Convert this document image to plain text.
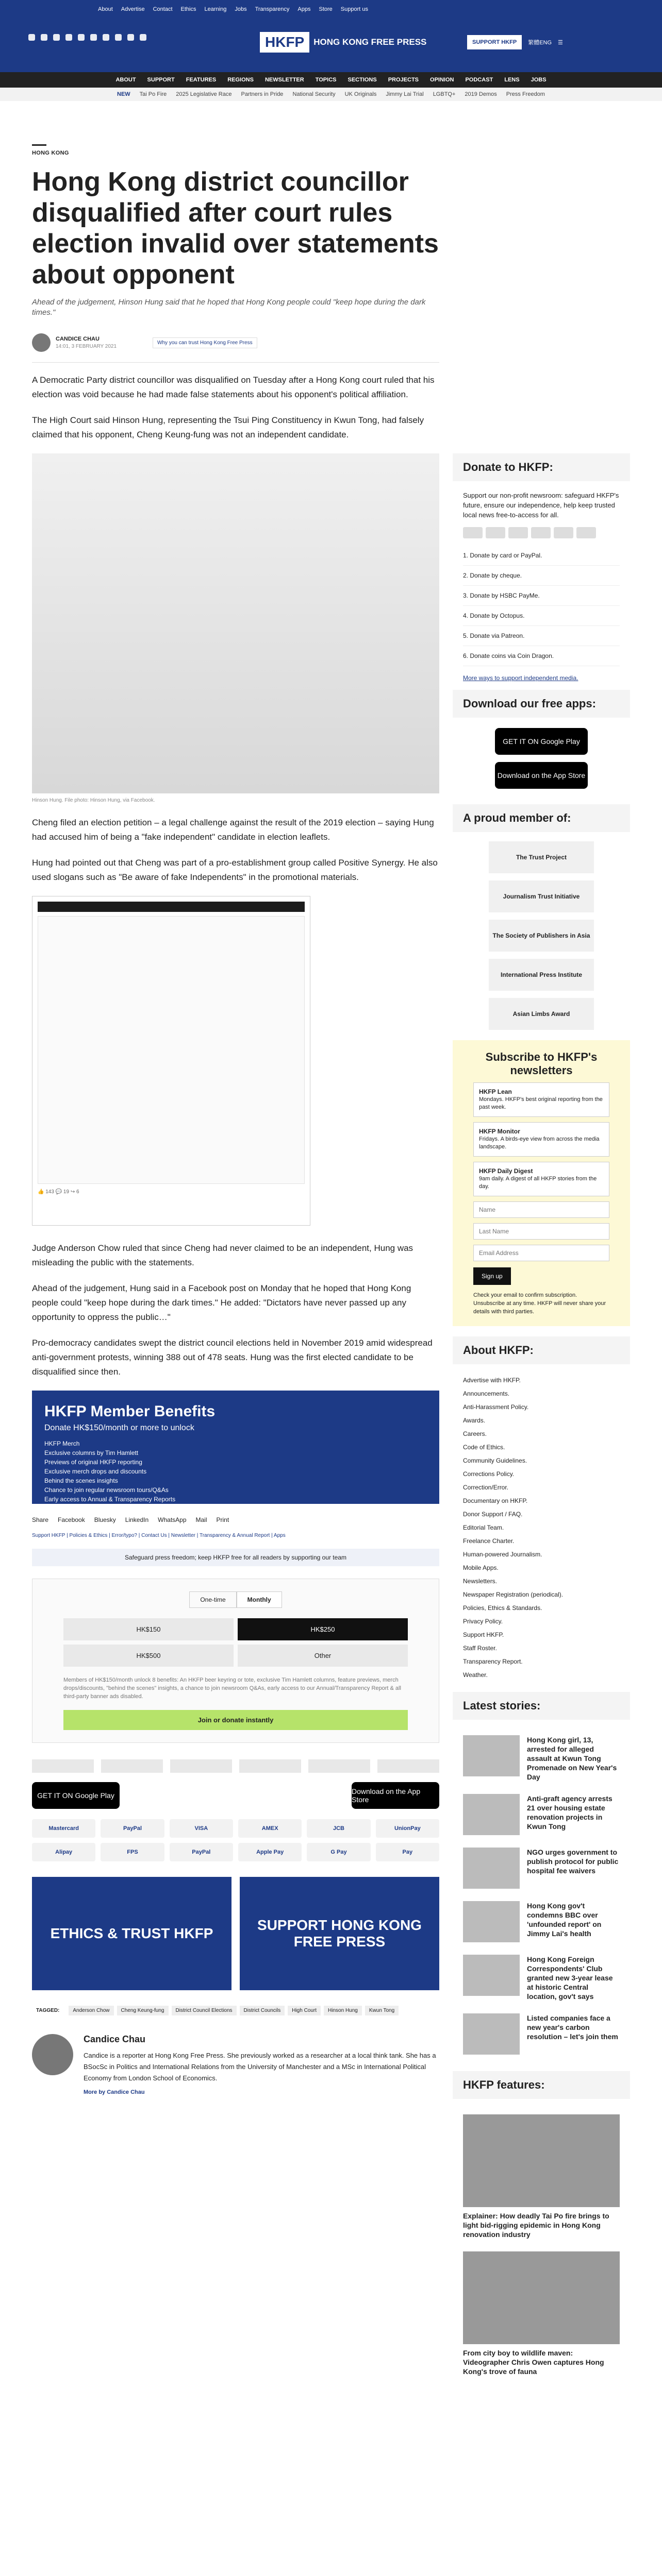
About Advertise Contact Ethics Learning Jobs Transparency Apps Store Support us
HKFP	HONG KONG FREE PRESS	SUPPORT HKFP	繁體ENG ☰
ABOUT SUPPORT FEATURES REGIONS NEWSLETTER TOPICS SECTIONS PROJECTS OPINION PODCAST LENS JOBS
NEW Tai Po Fire 2025 Legislative Race Partners in Pride National Security UK Originals Jimmy Lai Trial LGBTQ+ 2019 Demos Press Freedom
HONG KONG
Hong Kong district councillor disqualified after court rules election invalid over statements about opponent
Ahead of the judgement, Hinson Hung said that he hoped that Hong Kong people could "keep hope during the dark times."
CANDICE CHAU
14:01, 3 FEBRUARY 2021
Why you can trust Hong Kong Free Press

A Democratic Party district councillor was disqualified on Tuesday after a Hong Kong court ruled that his election was void because he had made false statements about his opponent's political affiliation.

The High Court said Hinson Hung, representing the Tsui Ping Constituency in Kwun Tong, had falsely claimed that his opponent, Cheng Keung-fung was not an independent candidate.

Hinson Hung. File photo: Hinson Hung, via Facebook.

Cheng filed an election petition – a legal challenge against the result of the 2019 election – saying Hung had accused him of being a "fake independent" candidate in election leaflets.

Hung had pointed out that Cheng was part of a pro-establishment group called Positive Synergy. He also used slogans such as "Be aware of fake Independents" in the promotional materials.

👍 143 💬 19 ↪ 6

Judge Anderson Chow ruled that since Cheng had never claimed to be an independent, Hung was misleading the public with the statements.

Ahead of the judgement, Hung said in a Facebook post on Monday that he hoped that Hong Kong people could "keep hope during the dark times." He added: "Dictators have never passed up any opportunity to oppress the public…"

Pro-democracy candidates swept the district council elections held in November 2019 amid widespread anti-government protests, winning 388 out of 478 seats. Hung was the first elected candidate to be disqualified since then.

HKFP Member Benefits
Donate HK$150/month or more to unlock
HKFP Merch
Exclusive columns by Tim Hamlett
Previews of original HKFP reporting
Exclusive merch drops and discounts
Behind the scenes insights
Chance to join regular newsroom tours/Q&As
Early access to Annual & Transparency Reports
Ad & third-party banner ads disabled
Share Facebook Bluesky LinkedIn WhatsApp Mail Print
Support HKFP | Policies & Ethics | Error/typo? | Contact Us | Newsletter | Transparency & Annual Report | Apps
Safeguard press freedom; keep HKFP free for all readers by supporting our team
One-time	Monthly
HK$150	HK$250
HK$500	Other
Members of HK$150/month unlock 8 benefits: An HKFP beer keyring or tote, exclusive Tim Hamlett columns, feature previews, merch drops/discounts, "behind the scenes" insights, a chance to join newsroom Q&As, early access to our Annual/Transparency Report & all third-party banner ads disabled.
Join or donate instantly
GET IT ON Google Play	Download on the App Store
Mastercard	PayPal	VISA	AMEX	JCB	UnionPay
Alipay	FPS	PayPal	Apple Pay	G Pay	Pay
ETHICS & TRUST HKFP
SUPPORT HONG KONG FREE PRESS
TAGGED:	Anderson Chow	Cheng Keung-fung	District Council Elections	District Councils	High Court	Hinson Hung	Kwun Tong
Candice Chau
Candice is a reporter at Hong Kong Free Press. She previously worked as a researcher at a local think tank. She has a BSocSc in Politics and International Relations from the University of Manchester and a MSc in International Political Economy from London School of Economics.
More by Candice Chau
Donate to HKFP:
Support our non-profit newsroom: safeguard HKFP's future, ensure our independence, help keep trusted local news free-to-access for all.
1. Donate by card or PayPal.
2. Donate by cheque.
3. Donate by HSBC PayMe.
4. Donate by Octopus.
5. Donate via Patreon.
6. Donate coins via Coin Dragon.
More ways to support independent media.
Download our free apps:
GET IT ON Google Play
Download on the App Store
A proud member of:
The Trust Project
Journalism Trust Initiative
The Society of Publishers in Asia
International Press Institute
Asian Limbs Award
Subscribe to HKFP's newsletters
HKFP Lean
Mondays. HKFP's best original reporting from the past week.
HKFP Monitor
Fridays. A birds-eye view from across the media landscape.
HKFP Daily Digest
9am daily. A digest of all HKFP stories from the day.
Name
Last Name
Email Address Sign up
Check your email to confirm subscription. Unsubscribe at any time. HKFP will never share your details with third parties.
About HKFP:
Advertise with HKFP.
Announcements.
Anti-Harassment Policy.
Awards.
Careers.
Code of Ethics.
Community Guidelines.
Corrections Policy.
Correction/Error.
Documentary on HKFP.
Donor Support / FAQ.
Editorial Team.
Freelance Charter.
Human-powered Journalism.
Mobile Apps.
Newsletters.
Newspaper Registration (periodical).
Policies, Ethics & Standards.
Privacy Policy.
Support HKFP.
Staff Roster.
Transparency Report.
Weather.
Latest stories:
Hong Kong girl, 13, arrested for alleged assault at Kwun Tong Promenade on New Year's Day
Anti-graft agency arrests 21 over housing estate renovation projects in Kwun Tong
NGO urges government to publish protocol for public hospital fee waivers
Hong Kong gov't condemns BBC over 'unfounded report' on Jimmy Lai's health
Hong Kong Foreign Correspondents' Club granted new 3-year lease at historic Central location, gov't says
Listed companies face a new year's carbon resolution – let's join them
HKFP features:
Explainer: How deadly Tai Po fire brings to light bid-rigging epidemic in Hong Kong renovation industry
From city boy to wildlife maven: Videographer Chris Owen captures Hong Kong's trove of fauna
